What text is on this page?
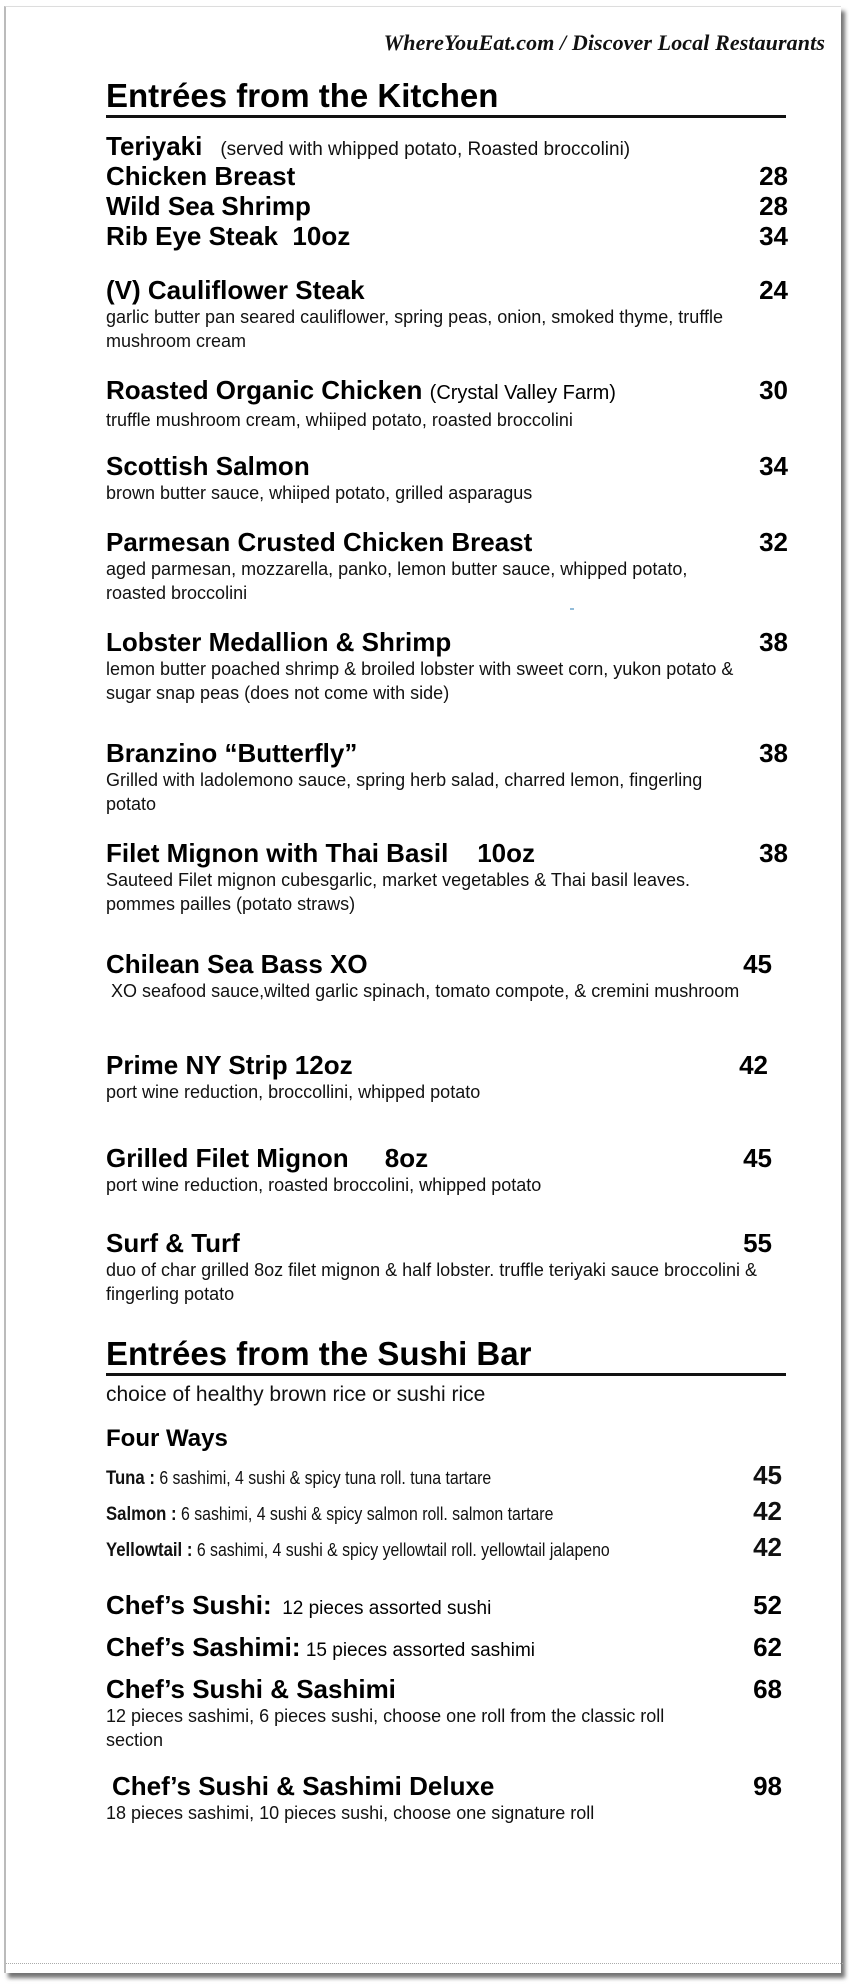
WhereYouEat.com / Discover Local Restaurants
Entrées from the Kitchen
Teriyaki (served with whipped potato, Roasted broccolini)
Chicken Breast	28
Wild Sea Shrimp	28
Rib Eye Steak  10oz	34
(V) Cauliflower Steak	24
garlic butter pan seared cauliflower, spring peas, onion, smoked thyme, truffle mushroom cream
Roasted Organic Chicken (Crystal Valley Farm)	30
truffle mushroom cream, whiiped potato, roasted broccolini
Scottish Salmon	34
brown butter sauce, whiiped potato, grilled asparagus
Parmesan Crusted Chicken Breast	32
aged parmesan, mozzarella, panko, lemon butter sauce, whipped potato, roasted broccolini
Lobster Medallion & Shrimp	38
lemon butter poached shrimp & broiled lobster with sweet corn, yukon potato & sugar snap peas (does not come with side)
Branzino “Butterfly”	38
Grilled with ladolemono sauce, spring herb salad, charred lemon, fingerling potato
Filet Mignon with Thai Basil    10oz	38
Sauteed Filet mignon cubesgarlic, market vegetables & Thai basil leaves. pommes pailles (potato straws)
Chilean Sea Bass XO	45
XO seafood sauce,wilted garlic spinach, tomato compote, & cremini mushroom
Prime NY Strip 12oz	42
port wine reduction, broccollini, whipped potato
Grilled Filet Mignon     8oz	45
port wine reduction, roasted broccolini, whipped potato
Surf & Turf	55
duo of char grilled 8oz filet mignon & half lobster. truffle teriyaki sauce broccolini & fingerling potato
Entrées from the Sushi Bar
choice of healthy brown rice or sushi rice
Four Ways
Tuna : 6 sashimi, 4 sushi & spicy tuna roll. tuna tartare	45
Salmon : 6 sashimi, 4 sushi & spicy salmon roll. salmon tartare	42
Yellowtail : 6 sashimi, 4 sushi & spicy yellowtail roll. yellowtail jalapeno	42
Chef’s Sushi:  12 pieces assorted sushi	52
Chef’s Sashimi: 15 pieces assorted sashimi	62
Chef’s Sushi & Sashimi	68
12 pieces sashimi, 6 pieces sushi, choose one roll from the classic roll section
Chef’s Sushi & Sashimi Deluxe	98
18 pieces sashimi, 10 pieces sushi, choose one signature roll
